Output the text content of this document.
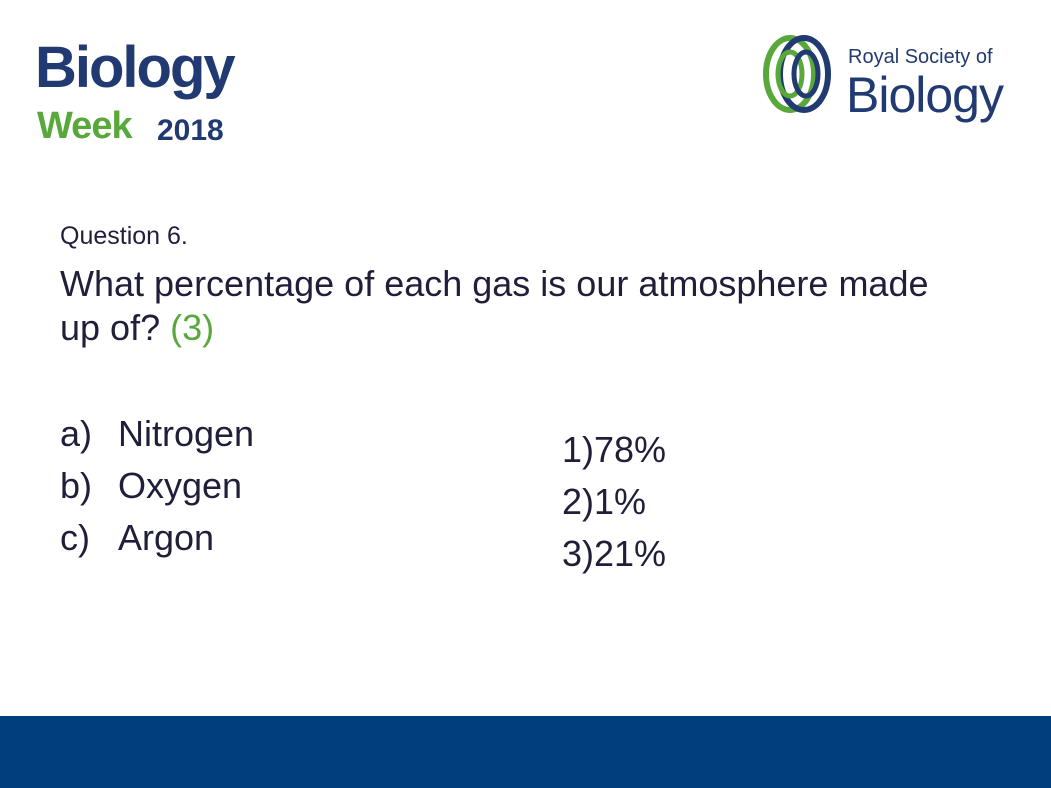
Biology
Week 2018
Royal Society of
Biology
Question 6.
What percentage of each gas is our atmosphere made up of? (3)
a) Nitrogen
b) Oxygen
c) Argon
1) 78%
2) 1%
3) 21%
